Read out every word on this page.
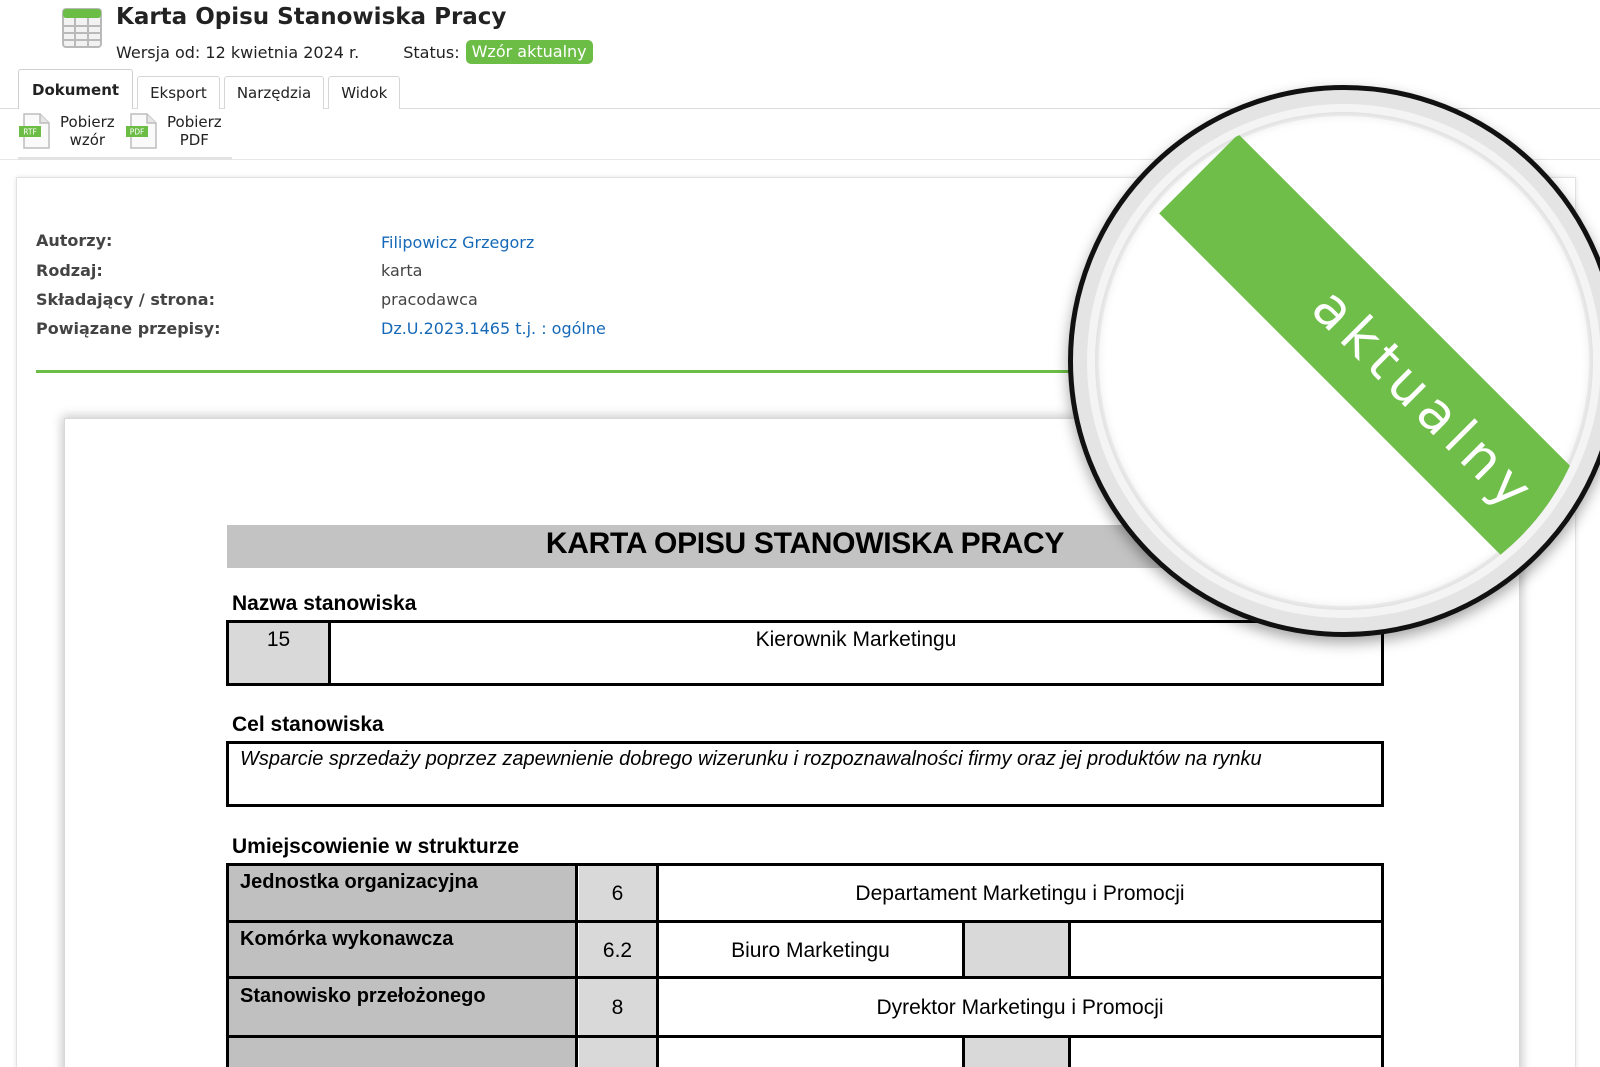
Karta Opisu Stanowiska Pracy
Wersja od: 12 kwietnia 2024 r.	Status: Wzór aktualny
Dokument	Eksport	Narzędzia	Widok
RTF
Pobierz
wzór	PDF
Pobierz
PDF
Autorzy:	Filipowicz Grzegorz
Rodzaj:	karta
Składający / strona:	pracodawca
Powiązane przepisy:	Dz.U.2023.1465 t.j. : ogólne
KARTA OPISU STANOWISKA PRACY
Nazwa stanowiska
15	Kierownik Marketingu
Cel stanowiska
Wsparcie sprzedaży poprzez zapewnienie dobrego wizerunku i rozpoznawalności firmy oraz jej produktów na rynku
Umiejscowienie w strukturze
Jednostka organizacyjna	6	Departament Marketingu i Promocji
Komórka wykonawcza	6.2	Biuro Marketingu
Stanowisko przełożonego	8	Dyrektor Marketingu i Promocji
aktualny
